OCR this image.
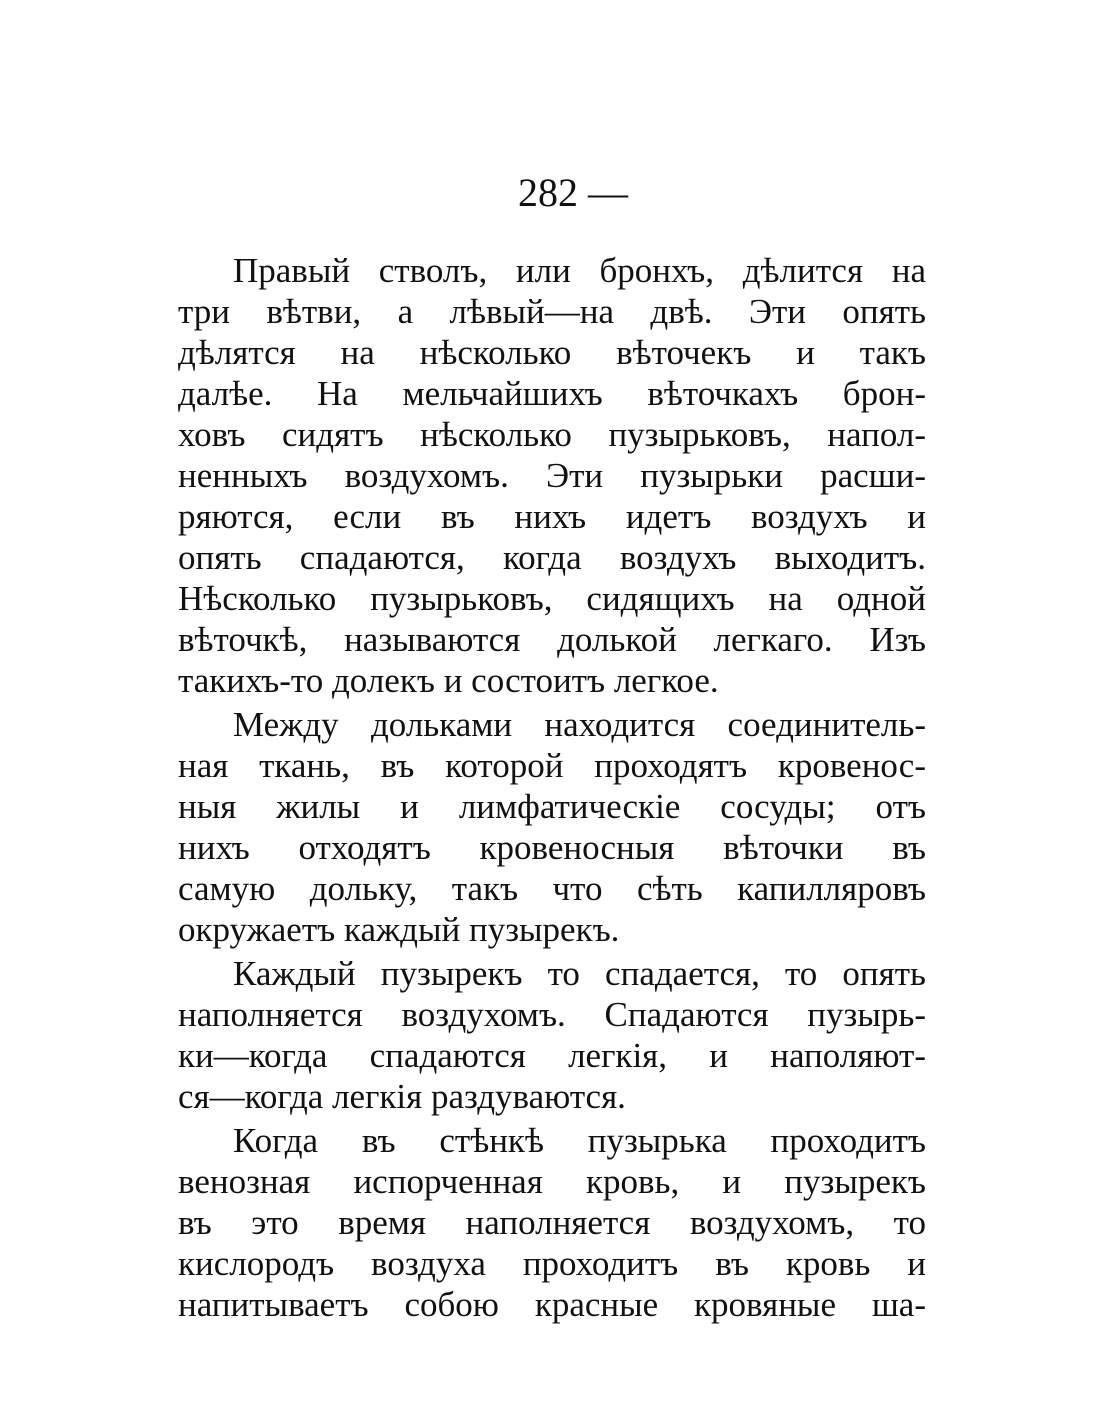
282 —
Правый стволъ, или бронхъ, дѣлится на
три вѣтви, а лѣвый—на двѣ. Эти опять
дѣлятся на нѣсколько вѣточекъ и такъ
далѣе. На мельчайшихъ вѣточкахъ брон-
ховъ сидятъ нѣсколько пузырьковъ, напол-
ненныхъ воздухомъ. Эти пузырьки расши-
ряются, если въ нихъ идетъ воздухъ и
опять спадаются, когда воздухъ выходитъ.
Нѣсколько пузырьковъ, сидящихъ на одной
вѣточкѣ, называются долькой легкаго. Изъ
такихъ-то долекъ и состоитъ легкое.
Между дольками находится соединитель-
ная ткань, въ которой проходятъ кровенос-
ныя жилы и лимфатическіе сосуды; отъ
нихъ отходятъ кровеносныя вѣточки въ
самую дольку, такъ что сѣть капилляровъ
окружаетъ каждый пузырекъ.
Каждый пузырекъ то спадается, то опять
наполняется воздухомъ. Спадаются пузырь-
ки—когда спадаются легкія, и наполяют-
ся—когда легкія раздуваются.
Когда въ стѣнкѣ пузырька проходитъ
венозная испорченная кровь, и пузырекъ
въ это время наполняется воздухомъ, то
кислородъ воздуха проходитъ въ кровь и
напитываетъ собою красные кровяные ша-
